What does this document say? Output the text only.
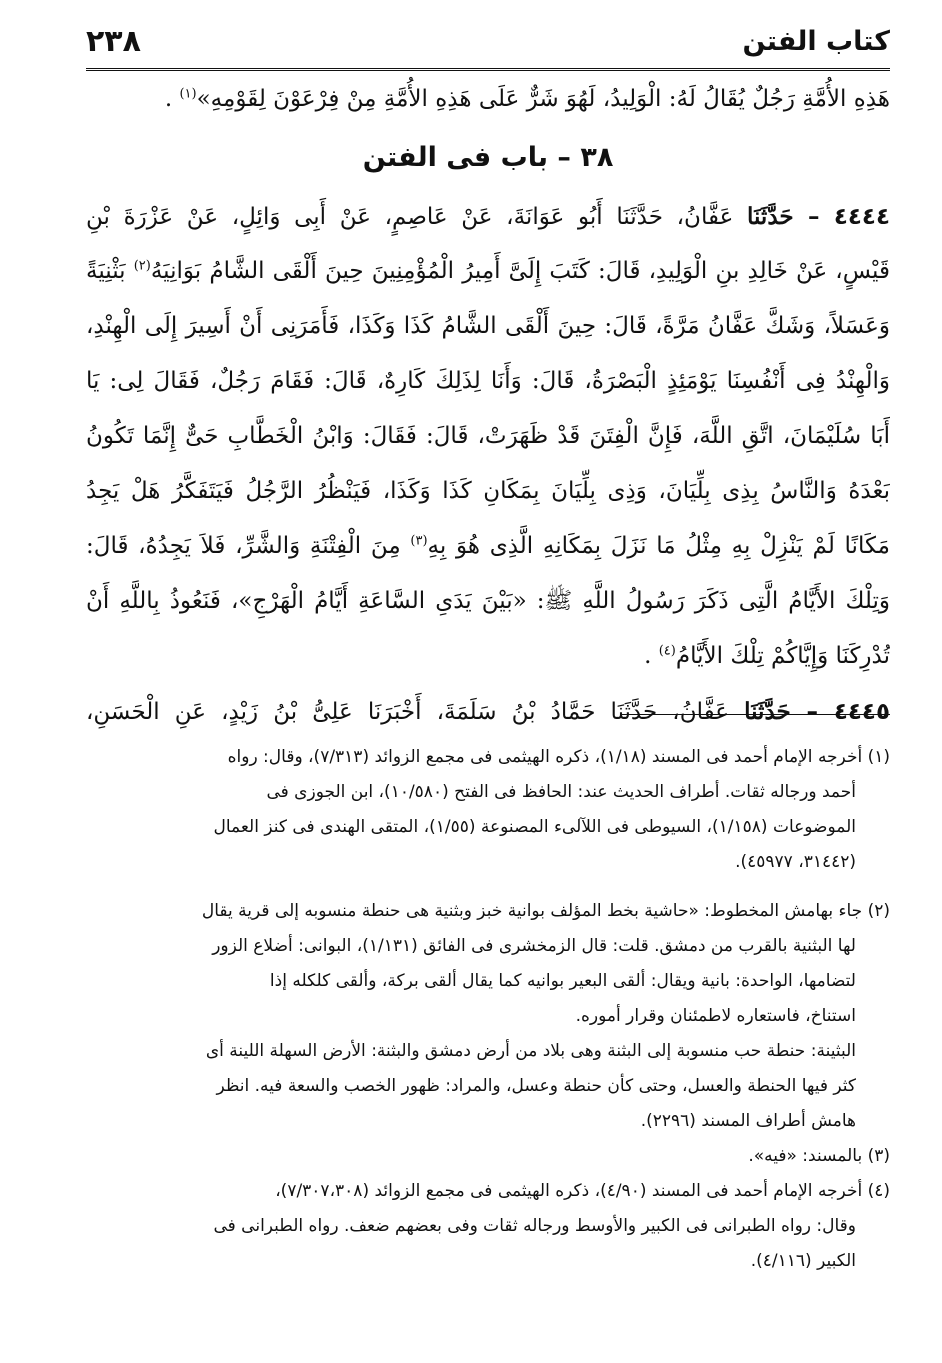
كتاب الفتن
٢٣٨
هَذِهِ الأُمَّةِ رَجُلٌ يُقَالُ لَهُ: الْوَلِيدُ، لَهُوَ شَرٌّ عَلَى هَذِهِ الأُمَّةِ مِنْ فِرْعَوْنَ لِقَوْمِهِ»$^{(١)}$ .
٣٨ – باب فى الفتن
٤٤٤٤ – حَدَّثَنَا عَفَّانُ، حَدَّثَنَا أَبُو عَوَانَةَ، عَنْ عَاصِمٍ، عَنْ أَبِى وَائِلٍ، عَنْ عَزْرَةَ بْنِ
قَيْسٍ، عَنْ خَالِدِ بنِ الْوَلِيدِ، قَالَ: كَتَبَ إِلَىَّ أَمِيرُ الْمُؤْمِنِينَ حِينَ أَلْقَى الشَّامُ بَوَانِيَهُ$^{(٢)}$ بَثْنِيَةً
وَعَسَلاً، وَشَكَّ عَفَّانُ مَرَّةً، قَالَ: حِينَ أَلْقَى الشَّامُ كَذَا وَكَذَا، فَأَمَرَنِى أَنْ أَسِيرَ إِلَى الْهِنْدِ،
وَالْهِنْدُ فِى أَنْفُسِنَا يَوْمَئِذٍ الْبَصْرَةُ، قَالَ: وَأَنَا لِذَلِكَ كَارِهٌ، قَالَ: فَقَامَ رَجُلٌ، فَقَالَ لِى: يَا
أَبَا سُلَيْمَانَ، اتَّقِ اللَّهَ، فَإِنَّ الْفِتَنَ قَدْ ظَهَرَتْ، قَالَ: فَقَالَ: وَابْنُ الْخَطَّابِ حَىٌّ إِنَّمَا تَكُونُ
بَعْدَهُ وَالنَّاسُ بِذِى بِلِّيَانَ، وَذِى بِلِّيَانَ بِمَكَانِ كَذَا وَكَذَا، فَيَنْظُرُ الرَّجُلُ فَيَتَفَكَّرُ هَلْ يَجِدُ
مَكَانًا لَمْ يَنْزِلْ بِهِ مِثْلُ مَا نَزَلَ بِمَكَانِهِ الَّذِى هُوَ بِهِ$^{(٣)}$ مِنَ الْفِتْنَةِ وَالشَّرِّ، فَلاَ يَجِدُهُ، قَالَ:
وَتِلْكَ الأَيَّامُ الَّتِى ذَكَرَ رَسُولُ اللَّهِ ﷺ: «بَيْنَ يَدَىِ السَّاعَةِ أَيَّامُ الْهَرْجِ»، فَنَعُوذُ بِاللَّهِ أَنْ
تُدْرِكَنَا وَإِيَّاكُمْ تِلْكَ الأَيَّامُ$^{(٤)}$ .
٤٤٤٥ – حَدَّثَنَا عَفَّانُ، حَدَّثَنَا حَمَّادُ بْنُ سَلَمَةَ، أَخْبَرَنَا عَلِىُّ بْنُ زَيْدٍ، عَنِ الْحَسَنِ،
(١) أخرجه الإمام أحمد فى المسند (١/١٨)، ذكره الهيثمى فى مجمع الزوائد (٧/٣١٣)، وقال: رواه
أحمد ورجاله ثقات. أطراف الحديث عند: الحافظ فى الفتح (١٠/٥٨٠)، ابن الجوزى فى
الموضوعات (١/١٥٨)، السيوطى فى اللآلىء المصنوعة (١/٥٥)، المتقى الهندى فى كنز العمال
(٣١٤٤٢، ٤٥٩٧٧).
(٢) جاء بهامش المخطوط: «حاشية بخط المؤلف بوانية خبز وبثنية هى حنطة منسوبه إلى قرية يقال
لها البثنية بالقرب من دمشق. قلت: قال الزمخشرى فى الفائق (١/١٣١)، البوانى: أضلاع الزور
لتضامها، الواحدة: بانية ويقال: ألقى البعير بوانيه كما يقال ألقى بركة، وألقى كلكله إذا
استناخ، فاستعاره لاطمئنان وقرار أموره.
البثينة: حنطة حب منسوبة إلى البثنة وهى بلاد من أرض دمشق والبثنة: الأرض السهلة اللينة أى
كثر فيها الحنطة والعسل، وحتى كأن حنطة وعسل، والمراد: ظهور الخصب والسعة فيه. انظر
هامش أطراف المسند (٢٢٩٦).
(٣) بالمسند: «فيه».
(٤) أخرجه الإمام أحمد فى المسند (٤/٩٠)، ذكره الهيثمى فى مجمع الزوائد (٧/٣٠٧،٣٠٨)،
وقال: رواه الطبرانى فى الكبير والأوسط ورجاله ثقات وفى بعضهم ضعف. رواه الطبرانى فى
الكبير (٤/١١٦).
